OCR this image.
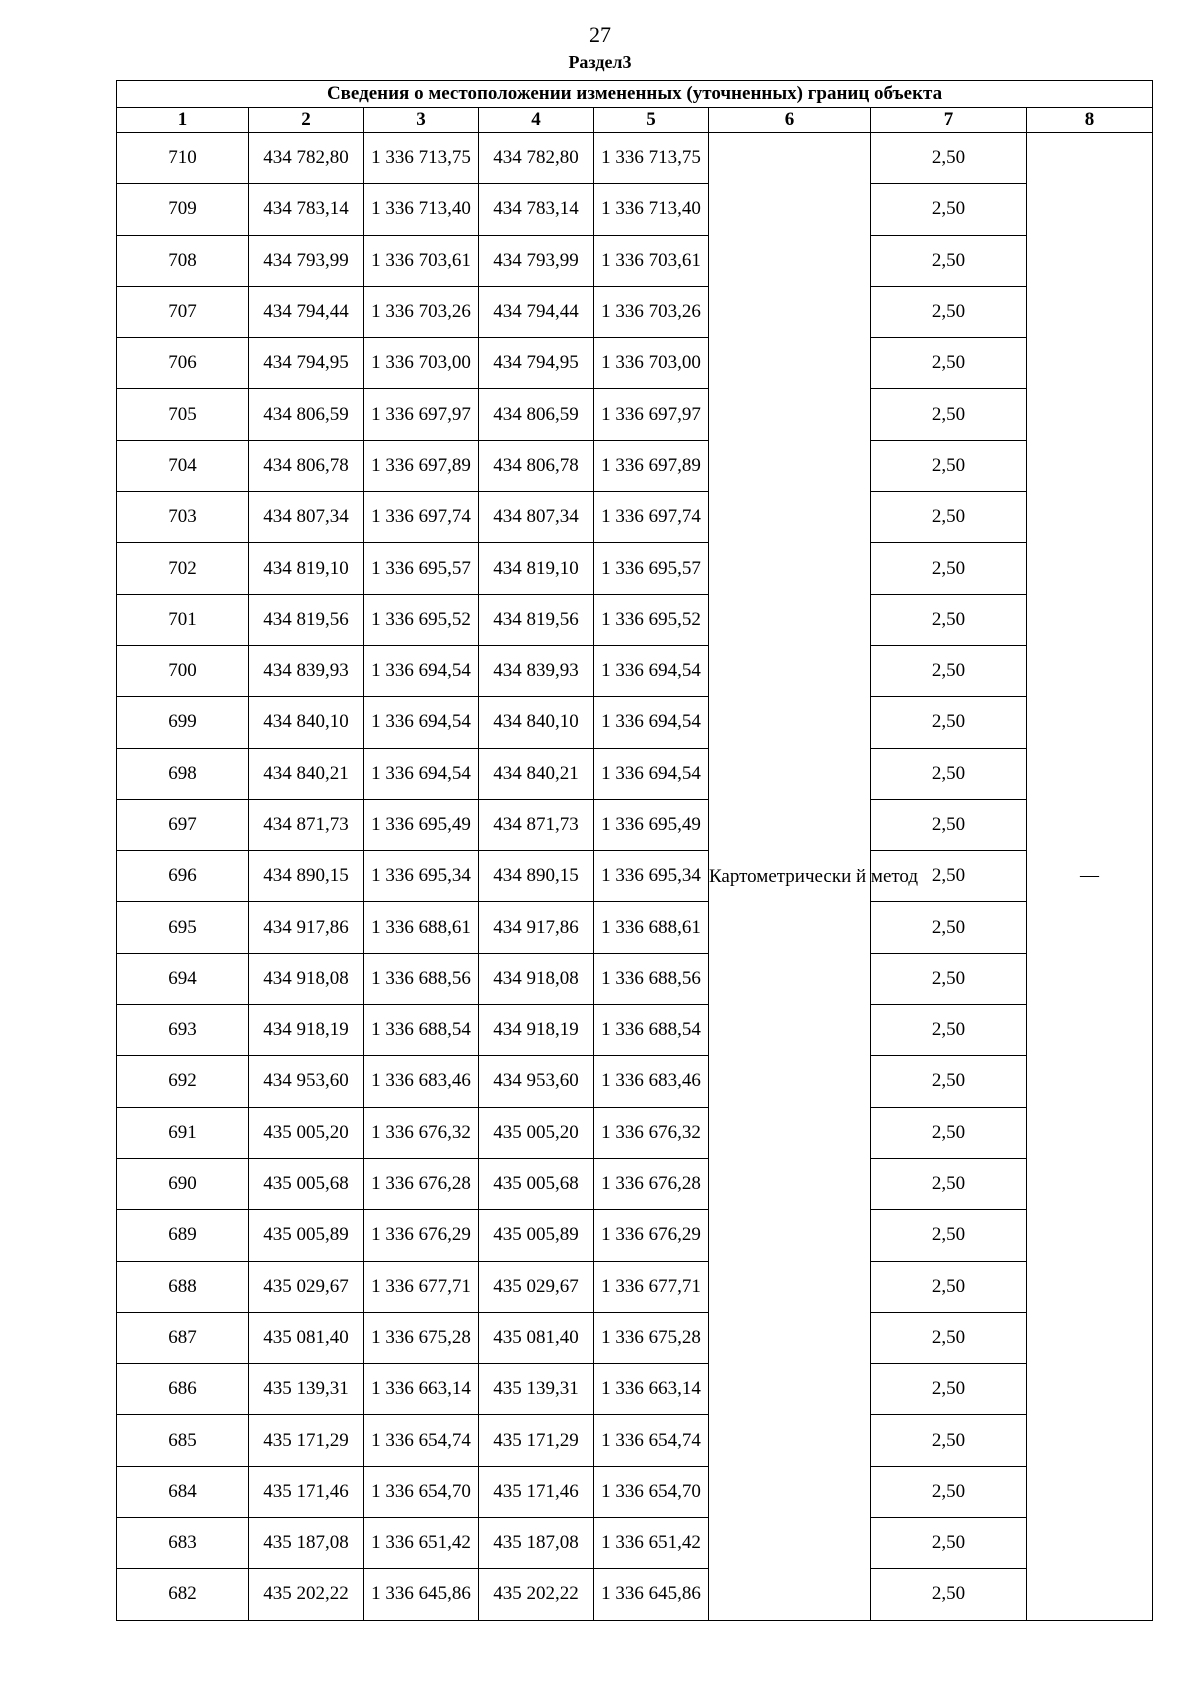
27
Раздел3
Сведения о местоположении измененных (уточненных) границ объекта							
1	2	3	4	5	6	7	8
710	434 782,80	1 336 713,75	434 782,80	1 336 713,75	Картометрически й метод	2,50	—
709	434 783,14	1 336 713,40	434 783,14	1 336 713,40		2,50	
708	434 793,99	1 336 703,61	434 793,99	1 336 703,61		2,50	
707	434 794,44	1 336 703,26	434 794,44	1 336 703,26		2,50	
706	434 794,95	1 336 703,00	434 794,95	1 336 703,00		2,50	
705	434 806,59	1 336 697,97	434 806,59	1 336 697,97		2,50	
704	434 806,78	1 336 697,89	434 806,78	1 336 697,89		2,50	
703	434 807,34	1 336 697,74	434 807,34	1 336 697,74		2,50	
702	434 819,10	1 336 695,57	434 819,10	1 336 695,57		2,50	
701	434 819,56	1 336 695,52	434 819,56	1 336 695,52		2,50	
700	434 839,93	1 336 694,54	434 839,93	1 336 694,54		2,50	
699	434 840,10	1 336 694,54	434 840,10	1 336 694,54		2,50	
698	434 840,21	1 336 694,54	434 840,21	1 336 694,54		2,50	
697	434 871,73	1 336 695,49	434 871,73	1 336 695,49		2,50	
696	434 890,15	1 336 695,34	434 890,15	1 336 695,34		2,50	
695	434 917,86	1 336 688,61	434 917,86	1 336 688,61		2,50	
694	434 918,08	1 336 688,56	434 918,08	1 336 688,56		2,50	
693	434 918,19	1 336 688,54	434 918,19	1 336 688,54		2,50	
692	434 953,60	1 336 683,46	434 953,60	1 336 683,46		2,50	
691	435 005,20	1 336 676,32	435 005,20	1 336 676,32		2,50	
690	435 005,68	1 336 676,28	435 005,68	1 336 676,28		2,50	
689	435 005,89	1 336 676,29	435 005,89	1 336 676,29		2,50	
688	435 029,67	1 336 677,71	435 029,67	1 336 677,71		2,50	
687	435 081,40	1 336 675,28	435 081,40	1 336 675,28		2,50	
686	435 139,31	1 336 663,14	435 139,31	1 336 663,14		2,50	
685	435 171,29	1 336 654,74	435 171,29	1 336 654,74		2,50	
684	435 171,46	1 336 654,70	435 171,46	1 336 654,70		2,50	
683	435 187,08	1 336 651,42	435 187,08	1 336 651,42		2,50	
682	435 202,22	1 336 645,86	435 202,22	1 336 645,86		2,50	
